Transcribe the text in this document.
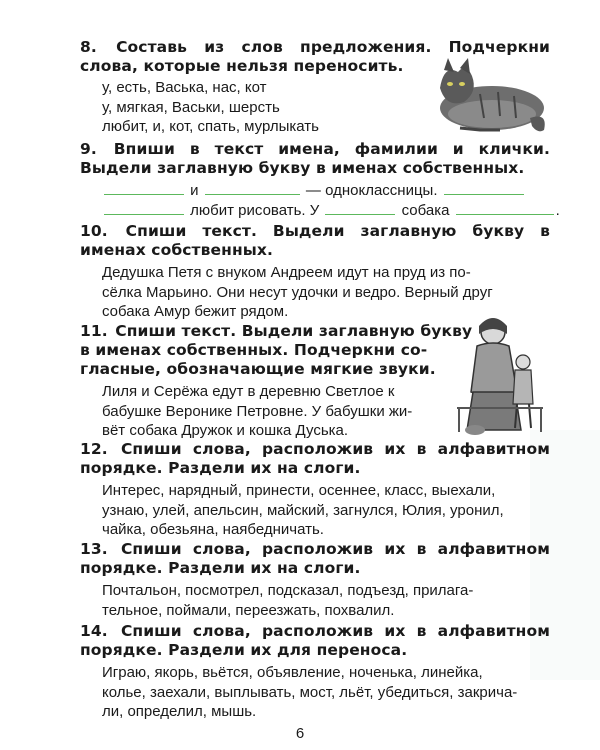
8. Составь из слов предложения. Подчеркни слова, которые нельзя переносить.
у, есть, Васька, нас, кот
у, мягкая, Васьки, шерсть
любит, и, кот, спать, мурлыкать
9. Впиши в текст имена, фамилии и клички. Выдели заглавную букву в именах собственных.
и	— одноклассницы.
любит рисовать. У	собака	.
10. Спиши текст. Выдели заглавную букву в именах собственных.
Дедушка Петя с внуком Андреем идут на пруд из по-
сёлка Марьино. Они несут удочки и ведро. Верный друг
собака Амур бежит рядом.
11. Спиши текст. Выдели заглавную букву
в именах собственных. Подчеркни со-
гласные, обозначающие мягкие звуки.
Лиля и Серёжа едут в деревню Светлое к
бабушке Веронике Петровне. У бабушки жи-
вёт собака Дружок и кошка Дуська.
12. Спиши слова, расположив их в алфавитном порядке. Раздели их на слоги.
Интерес, нарядный, принести, осеннее, класс, выехали,
узнаю, улей, апельсин, майский, загнулся, Юлия, уронил,
чайка, обезьяна, наябедничать.
13. Спиши слова, расположив их в алфавитном порядке. Раздели их на слоги.
Почтальон, посмотрел, подсказал, подъезд, прилага-
тельное, поймали, переезжать, похвалил.
14. Спиши слова, расположив их в алфавитном порядке. Раздели их для переноса.
Играю, якорь, вьётся, объявление, ноченька, линейка,
колье, заехали, выплывать, мост, льёт, убедиться, закрича-
ли, определил, мышь.
6
